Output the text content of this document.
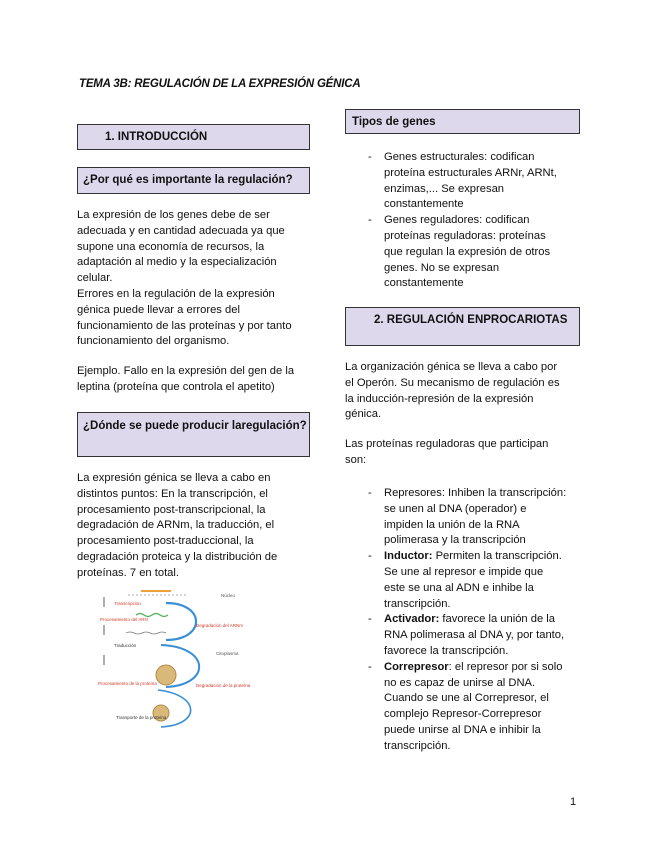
TEMA 3B: REGULACIÓN DE LA EXPRESIÓN GÉNICA
1. INTRODUCCIÓN
¿Por qué es importante la regulación?
La expresión de los genes debe de ser
adecuada y en cantidad adecuada ya que
supone una economía de recursos, la
adaptación al medio y la especialización
celular.
Errores en la regulación de la expresión
génica puede llevar a errores del
funcionamiento de las proteínas y por tanto
funcionamiento del organismo.
Ejemplo. Fallo en la expresión del gen de la
leptina (proteína que controla el apetito)
¿Dónde se puede producir laregulación?
La expresión génica se lleva a cabo en
distintos puntos: En la transcripción, el
procesamiento post-transcripcional, la
degradación de ARNm, la traducción, el
procesamiento post-traduccional, la
degradación proteica y la distribución de
proteínas. 7 en total.
Transcripción
Procesamiento del ARN
Degradación del ARNm
Traducción
Procesamiento de la proteína	Degradación de la proteína
Transporte de la proteína
Núcleo
Citoplasma
Tipos de genes
- Genes estructurales: codifican
proteína estructurales ARNr, ARNt,
enzimas,... Se expresan
constantemente
- Genes reguladores: codifican
proteínas reguladoras: proteínas
que regulan la expresión de otros
genes. No se expresan
constantemente
2. REGULACIÓN ENPROCARIOTAS
La organización génica se lleva a cabo por
el Operón. Su mecanismo de regulación es
la inducción-represión de la expresión
génica.
Las proteínas reguladoras que participan
son:
- Represores: Inhiben la transcripción:
se unen al DNA (operador) e
impiden la unión de la RNA
polimerasa y la transcripción
- Inductor: Permiten la transcripción.
Se une al represor e impide que
este se una al ADN e inhibe la
transcripción.
- Activador: favorece la unión de la
RNA polimerasa al DNA y, por tanto,
favorece la transcripción.
- Correpresor: el represor por si solo
no es capaz de unirse al DNA.
Cuando se une al Correpresor, el
complejo Represor-Correpresor
puede unirse al DNA e inhibir la
transcripción.
1
